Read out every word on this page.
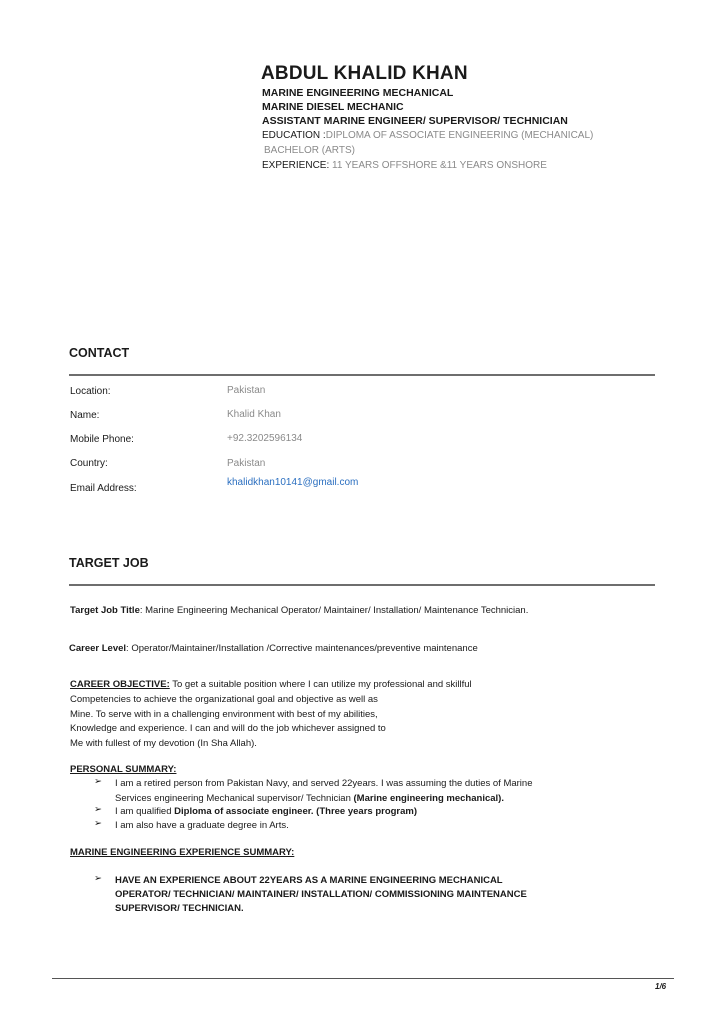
ABDUL KHALID KHAN
MARINE ENGINEERING MECHANICAL
MARINE DIESEL MECHANIC
ASSISTANT MARINE ENGINEER/ SUPERVISOR/ TECHNICIAN
EDUCATION :DIPLOMA OF ASSOCIATE ENGINEERING (MECHANICAL)
BACHELOR (ARTS)
EXPERIENCE: 11 YEARS OFFSHORE &11 YEARS ONSHORE
CONTACT
Location:	Pakistan
Name:	Khalid Khan
Mobile Phone:	+92.3202596134
Country:	Pakistan
Email Address:
khalidkhan10141@gmail.com
TARGET JOB
Target Job Title: Marine Engineering Mechanical Operator/ Maintainer/ Installation/ Maintenance Technician.
Career Level: Operator/Maintainer/Installation /Corrective maintenances/preventive maintenance
CAREER OBJECTIVE: To get a suitable position where I can utilize my professional and skillful
Competencies to achieve the organizational goal and objective as well as
Mine. To serve with in a challenging environment with best of my abilities,
Knowledge and experience. I can and will do the job whichever assigned to
Me with fullest of my devotion (In Sha Allah).
PERSONAL SUMMARY:
➢ I am a retired person from Pakistan Navy, and served 22years. I was assuming the duties of Marine
Services engineering Mechanical supervisor/ Technician (Marine engineering mechanical).
➢ I am qualified Diploma of associate engineer. (Three years program)
➢ I am also have a graduate degree in Arts.
MARINE ENGINEERING EXPERIENCE SUMMARY:
➢ HAVE AN EXPERIENCE ABOUT 22YEARS AS A MARINE ENGINEERING MECHANICAL
OPERATOR/ TECHNICIAN/ MAINTAINER/ INSTALLATION/ COMMISSIONING MAINTENANCE
SUPERVISOR/ TECHNICIAN.
1/6
